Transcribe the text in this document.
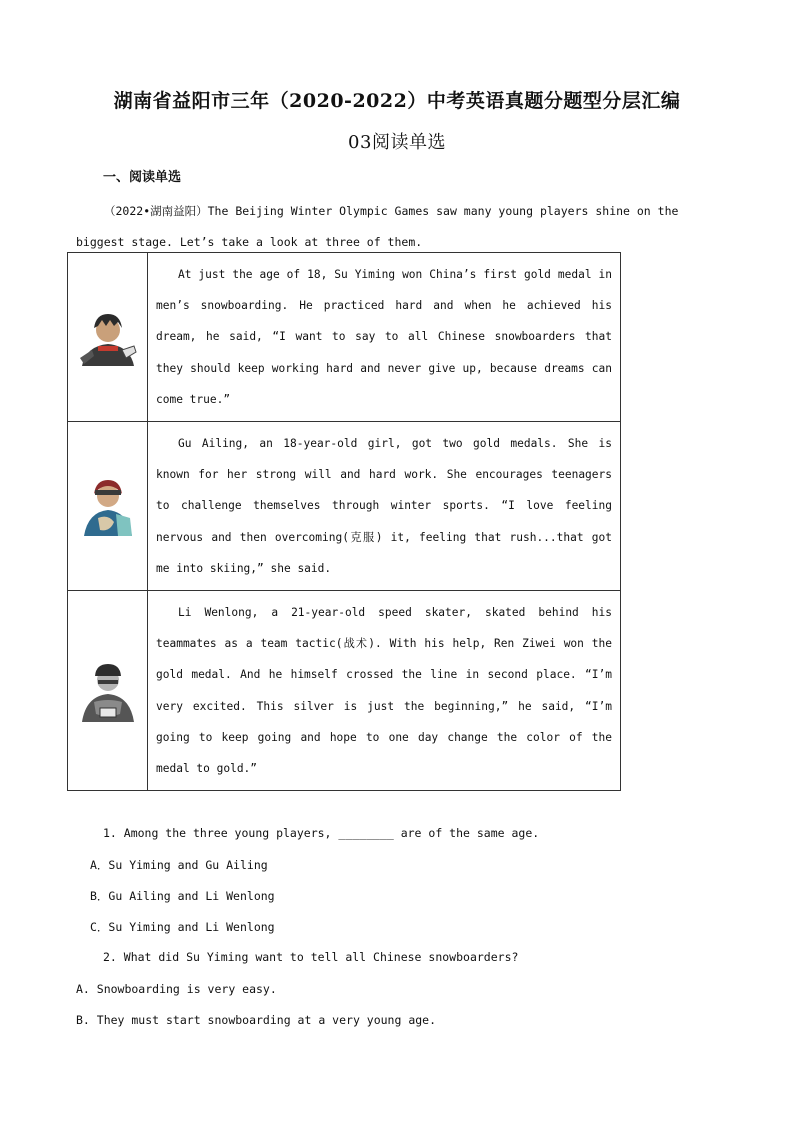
湖南省益阳市三年（2020-2022）中考英语真题分题型分层汇编
03阅读单选
一、阅读单选
（2022•湖南益阳）The Beijing Winter Olympic Games saw many young players shine on the
biggest stage. Let’s take a look at three of them.
	At just the age of 18, Su Yiming won China’s first gold medal in men’s snowboarding. He practiced hard and when he achieved his dream, he said, “I want to say to all Chinese snowboarders that they should keep working hard and never give up, because dreams can come true.”

	Gu Ailing, an 18-year-old girl, got two gold medals. She is known for her strong will and hard work. She encourages teenagers to challenge themselves through winter sports. “I love feeling nervous and then overcoming(克服) it, feeling that rush...that got me into skiing,” she said.

	Li Wenlong, a 21-year-old speed skater, skated behind his teammates as a team tactic(战术). With his help, Ren Ziwei won the gold medal. And he himself crossed the line in second place. “I’m very excited. This silver is just the beginning,” he said, “I’m going to keep going and hope to one day change the color of the medal to gold.”
1. Among the three young players, ________ are of the same age.
A．Su Yiming and Gu Ailing
B．Gu Ailing and Li Wenlong
C．Su Yiming and Li Wenlong
2. What did Su Yiming want to tell all Chinese snowboarders?
A. Snowboarding is very easy.
B. They must start snowboarding at a very young age.
